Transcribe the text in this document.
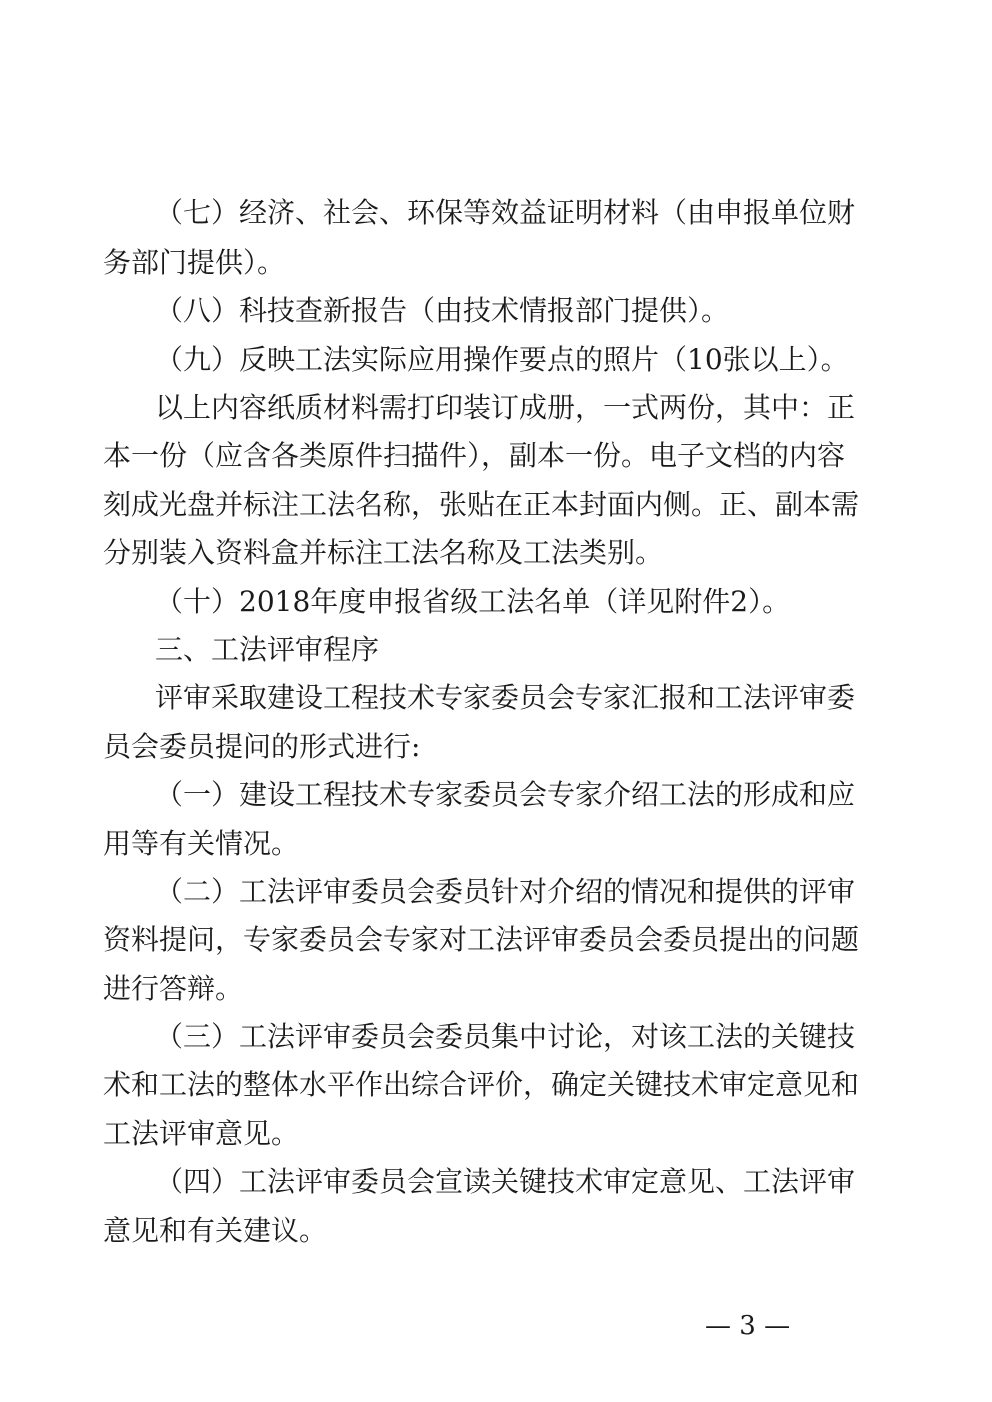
（七）经济、社会、环保等效益证明材料（由申报单位财
务部门提供）。
（八）科技查新报告（由技术情报部门提供）。
（九）反映工法实际应用操作要点的照片（10张以上）。
以上内容纸质材料需打印装订成册，一式两份，其中：正
本一份（应含各类原件扫描件），副本一份。电子文档的内容
刻成光盘并标注工法名称，张贴在正本封面内侧。正、副本需
分别装入资料盒并标注工法名称及工法类别。
（十）2018年度申报省级工法名单（详见附件2）。
三、工法评审程序
评审采取建设工程技术专家委员会专家汇报和工法评审委
员会委员提问的形式进行:
（一）建设工程技术专家委员会专家介绍工法的形成和应
用等有关情况。
（二）工法评审委员会委员针对介绍的情况和提供的评审
资料提问，专家委员会专家对工法评审委员会委员提出的问题
进行答辩。
（三）工法评审委员会委员集中讨论，对该工法的关键技
术和工法的整体水平作出综合评价，确定关键技术审定意见和
工法评审意见。
（四）工法评审委员会宣读关键技术审定意见、工法评审
意见和有关建议。
— 3 —
